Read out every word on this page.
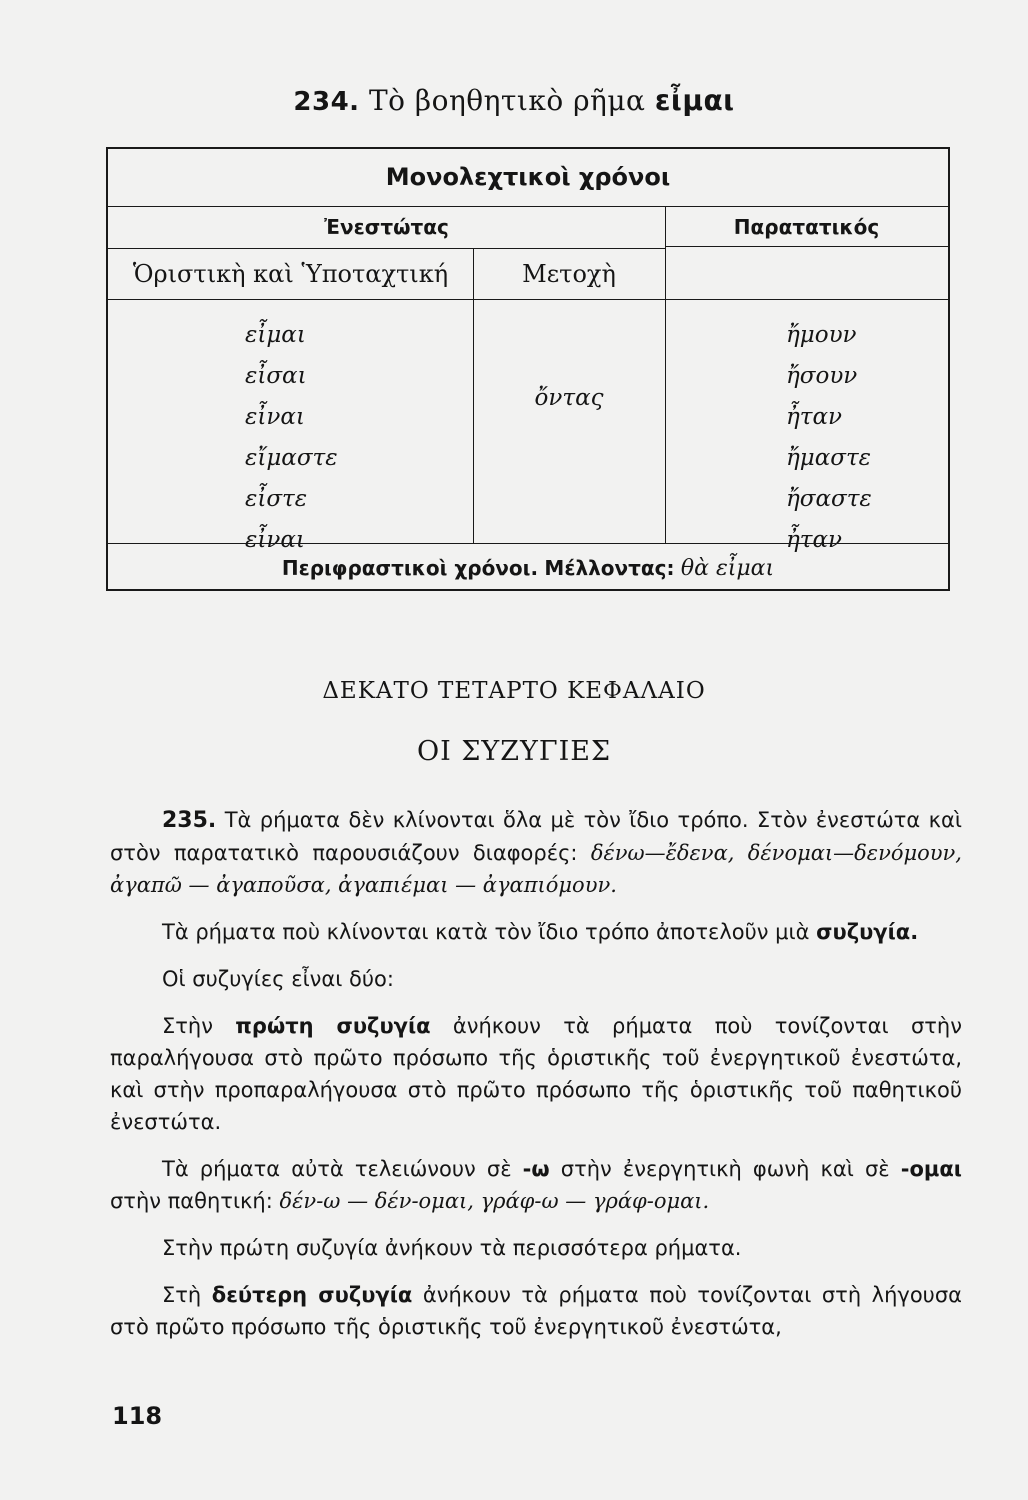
234. Τὸ βοηθητικὸ ρῆμα εἶμαι
Μονολεχτικοὶ χρόνοι
Ἐνεστώτας	Παρατατικός
Ὁριστικὴ καὶ Ὑποταχτική	Μετοχὴ
εἶμαι
εἶσαι
εἶναι
εἴμαστε
εἶστε
εἶναι
ὄντας
ἤμουν
ἤσουν
ἦταν
ἤμαστε
ἤσαστε
ἦταν
Περιφραστικοὶ χρόνοι. Μέλλοντας: θὰ εἶμαι
ΔΕΚΑΤΟ ΤΕΤΑΡΤΟ ΚΕΦΑΛΑΙΟ
ΟΙ ΣΥΖΥΓΙΕΣ

235. Τὰ ρήματα δὲν κλίνονται ὅλα μὲ τὸν ἴδιο τρόπο. Στὸν ἐνεστώτα καὶ στὸν παρατατικὸ παρουσιάζουν διαφορές: δένω—ἔδενα, δένομαι—δενόμουν, ἀγαπῶ — ἀγαποῦσα, ἀγαπιέμαι — ἀγαπιόμουν.

Τὰ ρήματα ποὺ κλίνονται κατὰ τὸν ἴδιο τρόπο ἀποτελοῦν μιὰ συζυγία.

Οἱ συζυγίες εἶναι δύο:

Στὴν πρώτη συζυγία ἀνήκουν τὰ ρήματα ποὺ τονίζονται στὴν παραλήγουσα στὸ πρῶτο πρόσωπο τῆς ὁριστικῆς τοῦ ἐνεργητικοῦ ἐνεστώτα, καὶ στὴν προπαραλήγουσα στὸ πρῶτο πρόσωπο τῆς ὁριστικῆς τοῦ παθητικοῦ ἐνεστώτα.

Τὰ ρήματα αὐτὰ τελειώνουν σὲ -ω στὴν ἐνεργητικὴ φωνὴ καὶ σὲ -ομαι στὴν παθητική: δέν-ω — δέν-ομαι, γράφ-ω — γράφ-ομαι.

Στὴν πρώτη συζυγία ἀνήκουν τὰ περισσότερα ρήματα.

Στὴ δεύτερη συζυγία ἀνήκουν τὰ ρήματα ποὺ τονίζονται στὴ λήγουσα στὸ πρῶτο πρόσωπο τῆς ὁριστικῆς τοῦ ἐνεργητικοῦ ἐνεστώτα,

118
